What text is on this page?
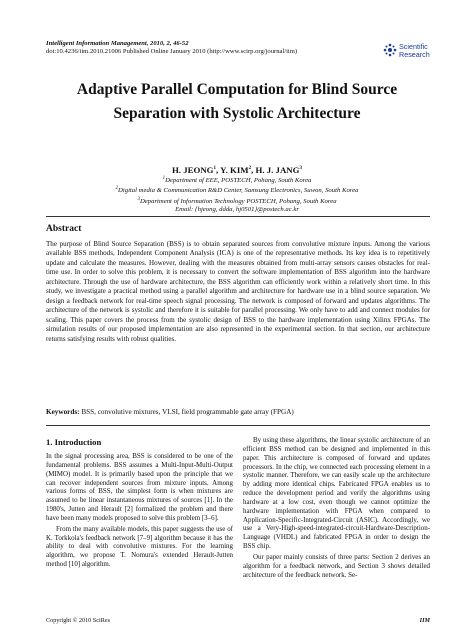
Intelligent Information Management, 2010, 2, 46-52
doi:10.4236/iim.2010.21006 Published Online January 2010 (http://www.scirp.org/journal/iim)
Scientific
Research
Adaptive Parallel Computation for Blind Source
Separation with Systolic Architecture
H. JEONG$^1$, Y. KIM$^2$, H. J. JANG$^3$
$^1$Department of EEE, POSTECH, Pohang, South Korea
$^2$Digital media & Communication R&D Center, Samsung Electronics, Suwon, South Korea
$^3$Department of Information Technology POSTECH, Pohang, South Korea
Email: {hjeong, ddda, hj0501}@postech.ac.kr
Abstract
The purpose of Blind Source Separation (BSS) is to obtain separated sources from convolutive mixture inputs. Among the various available BSS methods, Independent Component Analysis (ICA) is one of the representative methods. Its key idea is to repetitively update and calculate the measures. However, dealing with the measures obtained from multi-array sensors causes obstacles for real-time use. In order to solve this problem, it is necessary to convert the software implementation of BSS algorithm into the hardware architecture. Through the use of hardware architecture, the BSS algorithm can efficiently work within a relatively short time. In this study, we investigate a practical method using a parallel algorithm and architecture for hardware use in a blind source separation. We design a feedback network for real-time speech signal processing. The network is composed of forward and updates algorithms. The architecture of the network is systolic and therefore it is suitable for parallel processing. We only have to add and connect modules for scaling. This paper covers the process from the systolic design of BSS to the hardware implementation using Xilinx FPGAs. The simulation results of our proposed implementation are also represented in the experimental section. In that section, our architecture returns satisfying results with robust qualities.
Keywords: BSS, convolutive mixtures, VLSI, field programmable gate array (FPGA)
1. Introduction

In the signal processing area, BSS is considered to be one of the fundamental problems. BSS assumes a Multi-Input-Multi-Output (MIMO) model. It is primarily based upon the principle that we can recover independent sources from mixture inputs. Among various forms of BSS, the simplest form is when mixtures are assumed to be linear instantaneous mixtures of sources [1]. In the 1980's, Jutten and Herault [2] formalized the problem and there have been many models proposed to solve this problem [3–6].

From the many available models, this paper suggests the use of K. Torkkola's feedback network [7–9] algorithm because it has the ability to deal with convolutive mixtures. For the learning algorithm, we propose T. Nomura's extended Herault-Jutten method [10] algorithm.

By using these algorithms, the linear systolic architecture of an efficient BSS method can be designed and implemented in this paper. This architecture is composed of forward and updates processors. In the chip, we connected each processing element in a systolic manner. Therefore, we can easily scale up the architecture by adding more identical chips. Fabricated FPGA enables us to reduce the development period and verify the algorithms using hardware at a low cost, even though we cannot optimize the hardware implementation with FPGA when compared to Application-Specific-Integrated-Circuit (ASIC). Accordingly, we use a Very-High-speed-integrated-circuit-Hardware-Description-Language (VHDL) and fabricated FPGA in order to design the BSS chip.

Our paper mainly consists of three parts: Section 2 derives an algorithm for a feedback network, and Section 3 shows detailed architecture of the feedback network. Se-

Copyright © 2010 SciRes	IIM
